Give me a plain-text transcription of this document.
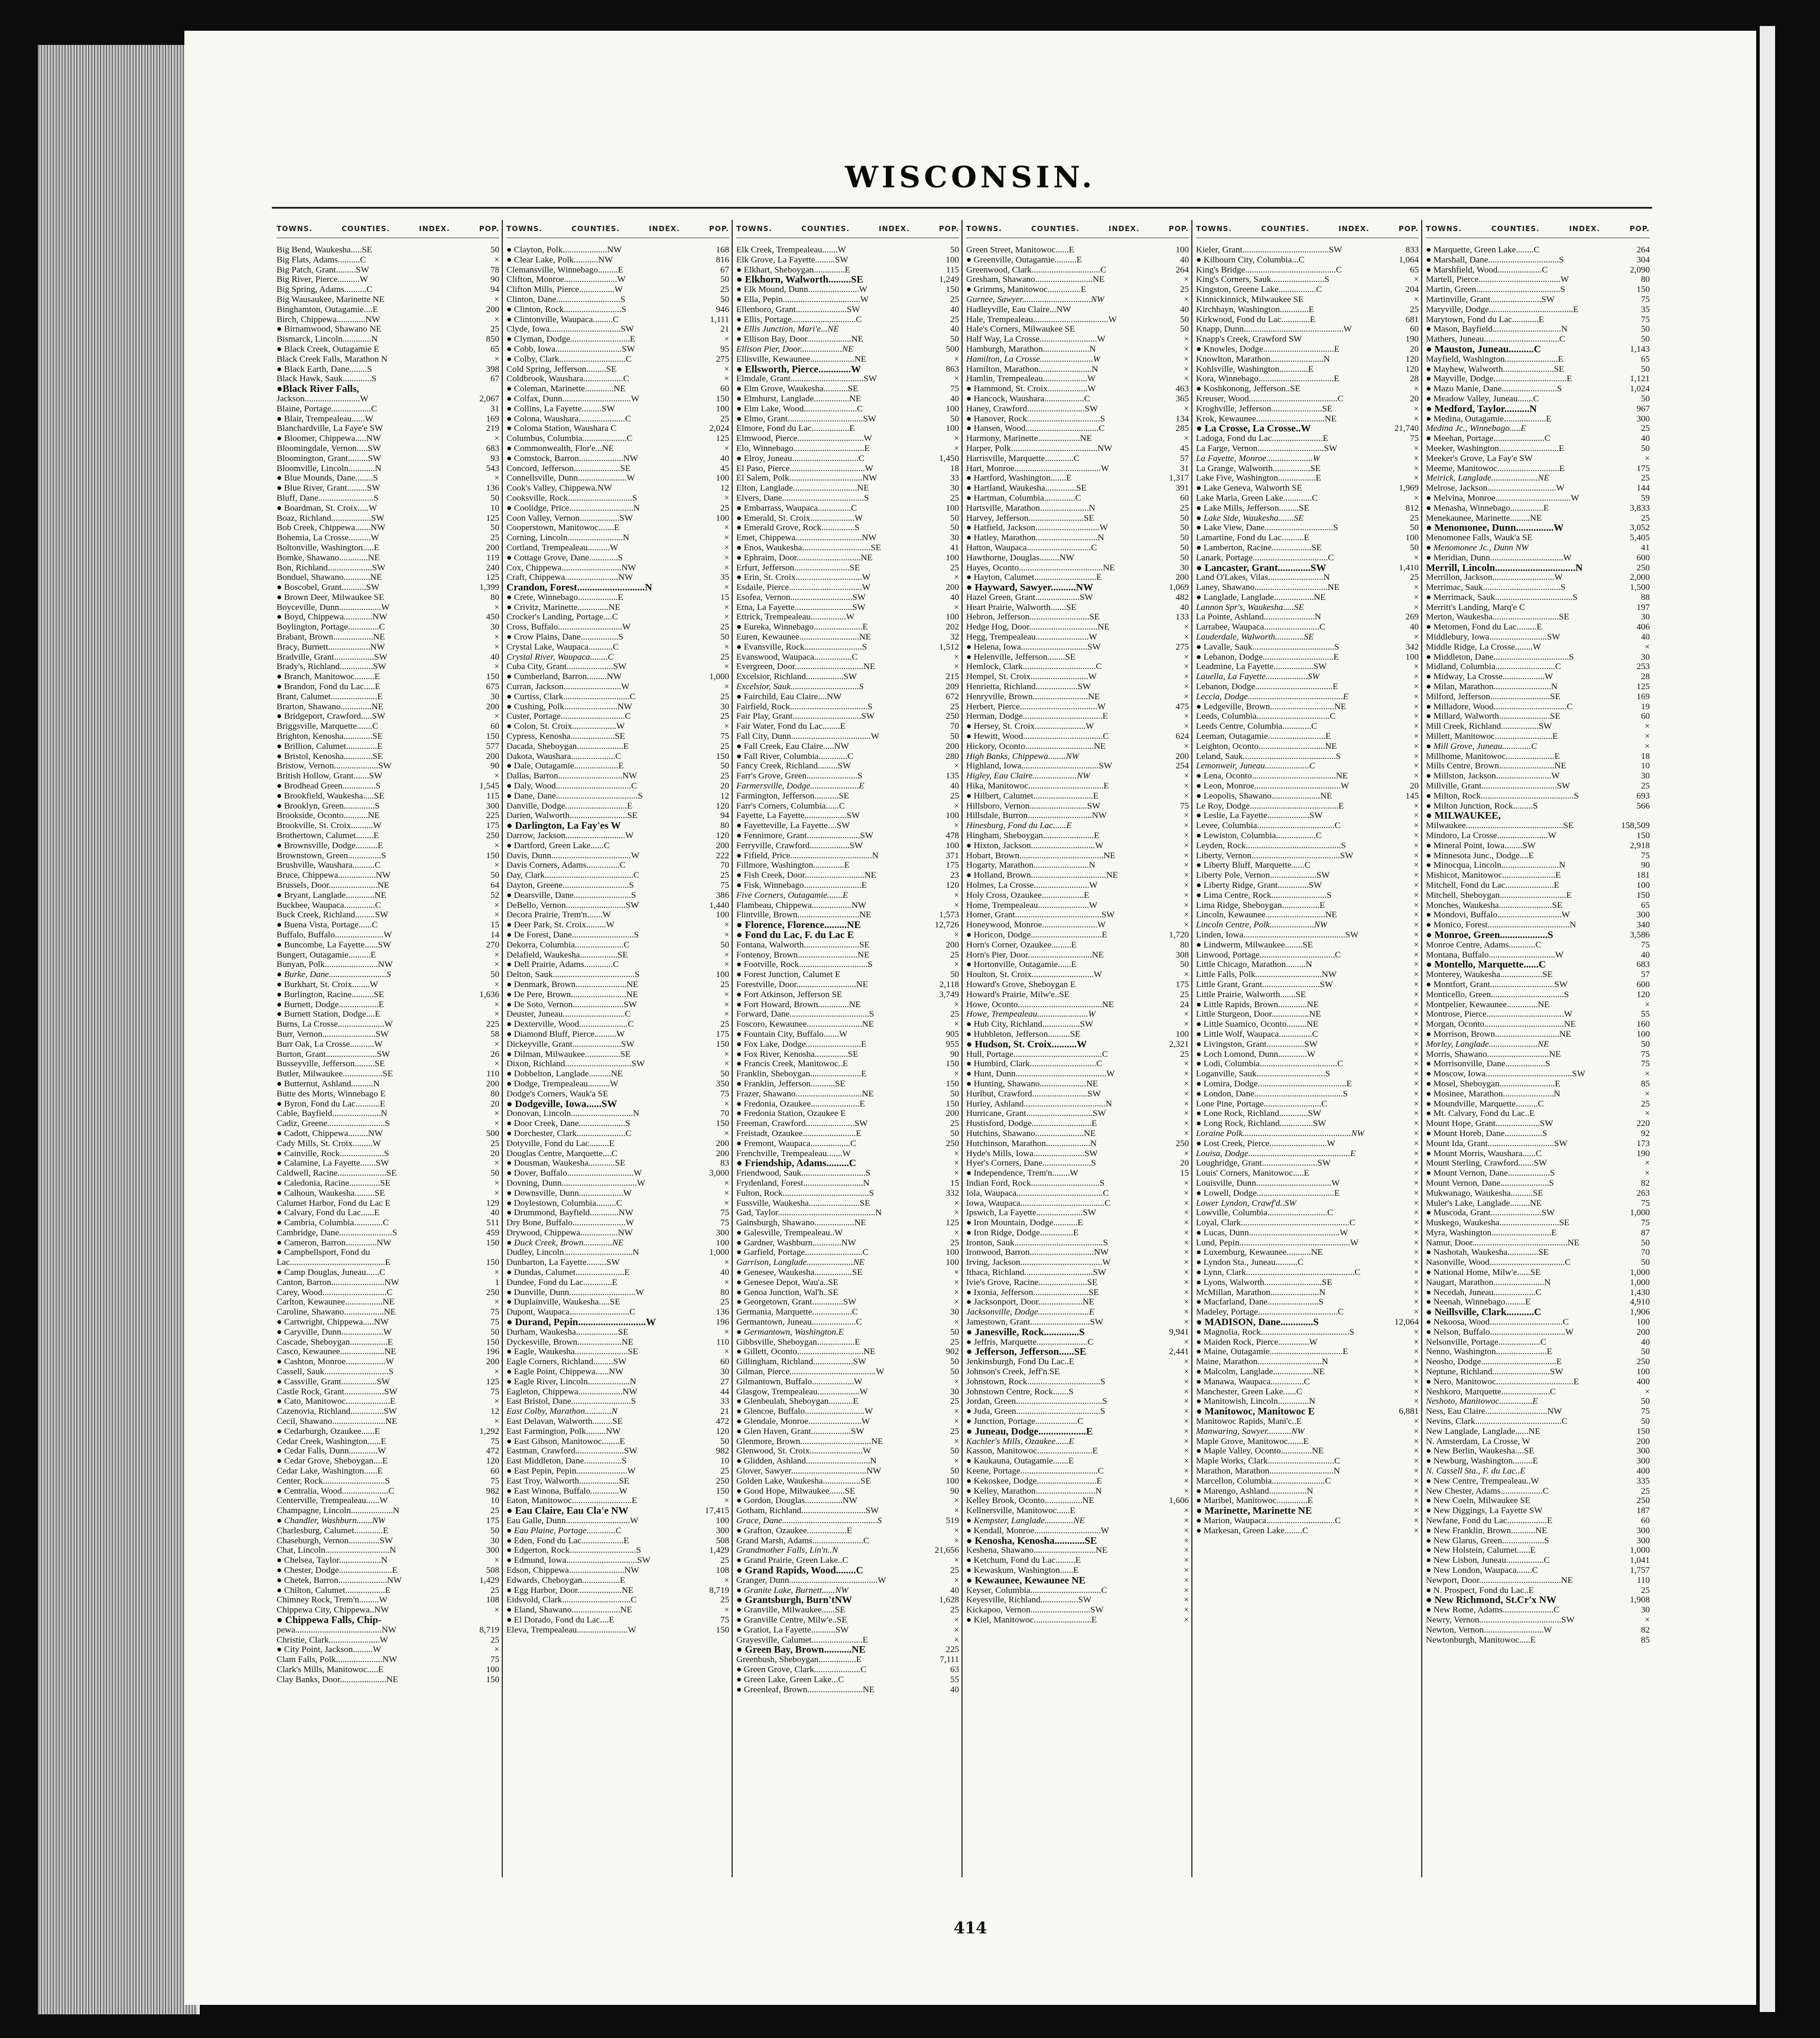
WISCONSIN.
TOWNS.	COUNTIES.	INDEX.	POP.
Big Bend, Waukesha.....SE	50
Big Flats, Adams..........C	×
Big Patch, Grant.........SW	78
Big River, Pierce..........W	90
Big Spring, Adams..........C	94
Big Wausaukee, Marinette NE	×
Binghamton, Outagamie....E	200
Birch, Chippewa.............NW	×
● Birnamwood, Shawano NE	25
Bismarck, Lincoln.............N	850
● Black Creek, Outagamie E	65
Black Creek Falls, Marathon N	×
● Black Earth, Dane........S	398
Black Hawk, Sauk.............S	67
●Black River Falls,
Jackson.........................W	2,067
Blaine, Portage..................C	31
● Blair, Trempealeau......W	169
Blanchardville, La Faye'e SW	219
● Bloomer, Chippewa.....NW	×
Bloomingdale, Vernon.....SW	683
Bloomington, Grant.........SW	93
Bloomville, Lincoln............N	543
● Blue Mounds, Dane........S	×
● Blue River, Grant.........SW	136
Bluff, Dane.........................S	50
● Boardman, St. Croix.....W	10
Boaz, Richland..................SW	125
Bob Creek, Chippewa.......NW	50
Bohemia, La Crosse..........W	25
Boltonville, Washington.....E	200
Bomke, Shawano.............NE	119
Bon, Richland....................SW	240
Bonduel, Shawano............NE	125
● Boscobel, Grant...........SW	1,399
● Brown Deer, Milwaukee SE	80
Boyceville, Dunn...................W	×
● Boyd, Chippewa.............NW	450
Boylington, Portage..............C	30
Brabant, Brown..................NE	×
Bracy, Burnett...................NW	×
Bradville, Grant..................SW	40
Brady's, Richland...............SW	×
● Branch, Manitowoc.........E	150
● Brandon, Fond du Lac.....E	675
Brant, Calumet.....................E	30
Brarton, Shawano..............NE	200
● Bridgeport, Crawford.....SW	×
Briggsville, Marquette.......C	60
Brighton, Kenosha.............SE	150
● Brillion, Calumet..............E	577
● Bristol, Kenosha.............SE	200
Bristow, Vernon....................SW	90
British Hollow, Grant.......SW	×
● Brodhead Green...............S	1,545
● Brookfield, Waukesha.....SE	115
● Brooklyn, Green..............S	300
Brookside, Oconto...........NE	225
Brookville, St. Croix..........W	175
Brothertown, Calumet........E	250
● Brownsville, Dodge..........E	×
Brownstown, Green...............S	150
Brushville, Waushara..........C	×
Bruce, Chippewa.................NW	50
Brussels, Door......................NE	64
● Bryant, Langlade.............NE	52
Buckbee, Waupaca..............C	×
Buck Creek, Richland.........SW	×
● Buena Vista, Portage......C	15
Buffalo, Buffalo......................W	14
● Buncombe, La Fayette......SW	270
Bungert, Outagamie..........E	×
Bunyan, Polk........................NW	×
● Burke, Dane..........................S	50
● Burkhart, St. Croix........W	×
● Burlington, Racine..........SE	1,636
● Burnett, Dodge..................E	×
● Burnett Station, Dodge....E	×
Burns, La Crosse.....................W	225
Burr, Vernon........................SW	58
Burr Oak, La Crosse...........W	×
Burton, Grant.......................SW	26
Busseyville, Jefferson.........SE	×
Butler, Milwaukee..................SE	110
● Butternut, Ashland..........N	200
Butte des Morts, Winnebago E	80
● Byron, Fond du Lac...........E	20
Cable, Bayfield......................N	×
Cadiz, Greene..........................S	×
● Cadott, Chippewa.........NW	500
Cady Mills, St. Croix.........W	25
● Cainville, Rock....................S	20
● Calamine, La Fayette.......SW	×
Caldwell, Racine......................SE	50
● Caledonia, Racine..............SE	×
● Calhoun, Waukesha.........SE	×
Calumet Harbor, Fond du Lac E	129
● Calvary, Fond du Lac......E	40
● Cambria, Columbia.............C	511
Cambridge, Dane........................S	459
● Cameron, Barron..............NW	150
● Campbellsport, Fond du
Lac...........................................E	150
● Camp Douglas, Juneau......C	×
Canton, Barron........................NW	1
Carey, Wood.............................C	250
Carlton, Kewaunee.................NE	×
Caroline, Shawano..................NE	75
● Cartwright, Chippewa.....NW	75
● Caryville, Dunn...................W	50
Cascade, Sheboygan.................E	150
Casco, Kewaunee....................NE	196
● Cashton, Monroe..................W	200
Cassell, Sauk.............................S	×
● Cassville, Grant................SW	125
Castle Rock, Grant..................SW	75
● Cato, Manitowoc....................E	×
Cazenovia, Richland...............SW	12
Cecil, Shawano........................NE	×
● Cedarburgh, Ozaukee......E	1,292
Cedar Creek, Washington......E	75
● Cedar Falls, Dunn.............W	472
● Cedar Grove, Sheboygan....E	120
Cedar Lake, Washington......E	60
Center, Rock............................S	75
● Centralia, Wood.....................C	982
Centerville, Trempealeau......W	10
Champagne, Lincoln...................N	25
● Chandler, Washburn.......NW	175
Charlesburg, Calumet.............E	50
Chaseburgh, Vernon..............SW	30
Chat, Lincoln.............................N	300
● Chelsea, Taylor...................N	×
● Chester, Dodge........................E	508
● Chetek, Barron......................NW	1,429
● Chilton, Calumet..................E	25
Chimney Rock, Trem'n.........W	108
Chippewa City, Chippewa..NW	×
● Chippewa Falls, Chip-
pewa.......................................NW	8,719
Christie, Clark.......................W	25
● City Point, Jackson.........W	×
Clam Falls, Polk.....................NW	75
Clark's Mills, Manitowoc.....E	100
Clay Banks, Door.....................NE	150
TOWNS.	COUNTIES.	INDEX.	POP.
● Clayton, Polk....................NW	168
● Clear Lake, Polk...........NW	816
Clemansville, Winnebago.........E	67
Clifton, Monroe........................W	50
Clifton Mills, Pierce................W	25
Clinton, Dane.............................S	50
● Clinton, Rock..........................S	946
● Clintonville, Waupaca.........C	1,111
Clyde, Iowa................................SW	21
● Clyman, Dodge...........................E	×
● Cobb, Iowa..............................SW	95
● Colby, Clark..............................C	275
Cold Spring, Jefferson.........SE	×
Coldbrook, Waushara..................C	×
● Coleman, Marinette.............NE	60
● Colfax, Dunn...............................W	150
● Collins, La Fayette.........SW	100
● Colona, Waushara.....................C	25
● Coloma Station, Waushara C	2,024
Columbus, Columbia....................C	125
● Commonwealth, Flor'e...NE	×
● Comstock, Barron....................NW	40
Concord, Jefferson.....................SE	45
Connellsville, Dunn......................W	100
Cook's Valley, Chippewa.NW	12
Cooksville, Rock.............................S	×
● Coolidge, Price.............................N	25
Coon Valley, Vernon..................SW	100
Cooperstown, Manitowoc.......E	×
Corning, Lincoln.........................N	×
Cortland, Trempealeau..........W	×
● Cottage Grove, Dane.............S	×
Cox, Chippewa...........................NW	×
Craft, Chippewa........................NW	35
Crandon, Forest...........................N	×
● Crete, Winnebago..................E	15
● Crivitz, Marinette..............NE	×
Crocker's Landing, Portage....C	×
Cross, Buffalo.............................W	25
● Crow Plains, Dane.................S	50
Crystal Lake, Waupaca...........C	×
Crystal River, Waupaca........C	25
Cuba City, Grant.....................SW	×
● Cumberland, Barron.........NW	1,000
Curran, Jackson..........................W	×
● Curtiss, Clark..............................C	25
● Cushing, Polk........................NW	30
Custer, Portage.............................C	25
● Colon, St. Croix....................W	×
Cypress, Kenosha....................SE	75
Dacada, Sheboygan.....................E	25
Dakota, Waushara....................C	150
● Dale, Outagamie....................E	50
Dallas, Barron.............................NW	25
● Daly, Wood..................................C	20
● Dane, Dane.....................................S	12
Danville, Dodge............................E	120
Darien, Walworth..........................SE	94
● Darlington, La Fay'es W	80
Darrow, Jackson...........................W	120
● Dartford, Green Lake......C	200
Davis, Dunn....................................W	222
Davis Corners, Adams...............C	70
Day, Clark........................................C	25
Dayton, Greene..............................S	75
● Dearsville, Dane..........................S	386
DeBello, Vernon...........................SW	1,440
Decora Prairie, Trem'n.......W	100
● Deer Park, St. Croix.........W	×
● De Forest, Dane............................S	×
Dekorra, Columbia......................C	50
Delafield, Waukesha.................SE	×
● Dell Prairie, Adams.............C	×
Delton, Sauk.....................................S	100
● Denmark, Brown.......................NE	25
● De Pere, Brown.........................NE	×
● De Soto, Vernon.......................SW	×
Deuster, Juneau............................C	×
● Dexterville, Wood......................C	25
● Diamond Bluff, Pierce..........W	175
Dickeyville, Grant......................SW	150
● Dilman, Milwaukee................SE	×
Dixon, Richland..............................SW	×
● Dobbelton, Langlade..........NE	50
● Dodge, Trempealeau..........W	350
Dodge's Corners, Wauk'a SE	75
● Dodgeville, Iowa......SW	×
Donovan, Lincoln............................N	70
● Door Creek, Dane.....................S	150
● Dorchester, Clark......................C	×
Dotyville, Fond du Lac.........E	200
Douglas Centre, Marquette....C	200
● Dousman, Waukesha............SE	83
● Dover, Buffalo..............................W	3,000
Dovning, Dunn..................................W	×
● Downsville, Dunn....................W	×
● Doylestown, Columbia.........C	×
● Drummond, Bayfield.............NW	75
Dry Bone, Buffalo........................W	75
Drywood, Chippewa.................NW	300
● Duck Creek, Brown.............NE	100
Dudley, Lincoln...............................N	1,000
Dunbarton, La Fayette.........SW	×
● Dundas, Calumet......................E	40
Dundee, Fond du Lac.............E	×
● Dunville, Dunn..............................W	80
● Duplainville, Waukesha.....SE	25
Dupont, Waupaca...........................C	136
● Durand, Pepin...........................W	196
Durham, Waukesha...................SE	×
Dyckesville, Brown....................NE	110
● Eagle, Waukesha........................SE	×
Eagle Corners, Richland.........SW	60
● Eagle Point, Chippewa......NW	30
● Eagle River, Lincoln...................N	27
Eagleton, Chippewa....................NW	44
East Bristol, Dane...........................S	33
East Colby, Marathon............N	21
East Delavan, Walworth.........SE	472
East Farmington, Polk.........NW	120
● East Gibson, Manitowoc........E	50
Eastman, Crawford......................SW	982
East Middleton, Dane.................S	10
● East Pepin, Pepin.......................W	25
East Troy, Walworth..................SE	250
● East Winona, Buffalo.............W	150
Eaton, Manitowoc...........................E	×
● Eau Claire, Eau Cla'e NW	17,415
Eau Galle, Dunn.............................W	100
● Eau Plaine, Portage.............C	300
● Eden, Fond du Lac...................E	508
● Edgerton, Rock..............................S	1,429
● Edmund, Iowa................................SW	25
Edson, Chippewa.........................NW	108
Edwards, Cheboygan.................E	×
● Egg Harbor, Door....................NE	8,719
Eidsvold, Clark...............................C	25
● Eland, Shawano......................NE	×
● El Dorado, Fond du Lac....E	75
Eleva, Trempealeau.......................W	150
TOWNS.	COUNTIES.	INDEX.	POP.
Elk Creek, Trempealeau.......W	50
Elk Grove, La Fayette.........SW	100
● Elkhart, Sheboygan..............E	115
● Elkhorn, Walworth.........SE	1,249
● Elk Mound, Dunn.......................W	150
● Ella, Pepin...................................W	25
Ellenboro, Grant.......................SW	40
● Ellis, Portage.............................C	25
● Ellis Junction, Mari'e...NE	40
● Ellison Bay, Door....................NE	50
Ellison Pier, Door...................NE	500
Ellisville, Kewaunee....................NE	×
● Ellsworth, Pierce.............W	863
Elmdale, Grant.................................SW	×
● Elm Grove, Waukesha...........SE	75
● Elmhurst, Langlade................NE	40
● Elm Lake, Wood........................C	100
● Elmo, Grant..................................SW	50
Elmore, Fond du Lac.................E	100
Elmwood, Pierce..............................W	×
Elo, Winnebago................................E	×
● Elroy, Juneau..............................C	1,450
El Paso, Pierce..................................W	18
El Salem, Polk.................................NW	33
Elton, Langlade.............................NE	30
Elvers, Dane.....................................S	25
● Embarrass, Waupaca...............C	100
● Emerald, St. Croix....................W	50
● Emerald Grove, Rock...............S	50
Emet, Chippewa..............................NW	30
● Enos, Waukesha...............................SE	41
● Ephraim, Door.............................NE	100
Erfurt, Jefferson.........................SE	25
● Erin, St. Croix..............................W	×
Esdaile, Pierce.................................W	200
Esofea, Vernon............................SW	40
Etna, La Fayette..........................SW	×
Ettrick, Trempealeau................W	100
● Eureka, Winnebago......................E	202
Euren, Kewaunee...........................NE	32
● Evansville, Rock..........................S	1,512
Evanswood, Waupaca.................C	×
Evergreen, Door...............................NE	×
Excelsior, Richland.................SW	215
Excelsior, Sauk...............................S	209
● Fairchild, Eau Claire....NW	672
Fairfield, Rock...................................S	25
Fair Play, Grant...............................SW	250
Fair Water, Fond du Lac........E	70
Fall City, Dunn....................................W	50
● Fall Creek, Eau Claire.....NW	200
● Fall River, Columbia.............C	280
Fancy Creek, Richland.........SW	×
Farr's Grove, Green.......................S	135
Farmersville, Dodge......................E	40
Farmington, Jefferson...........SE	25
Farr's Corners, Columbia......C	×
Fayette, La Fayette...................SW	100
● Fayetteville, La Fayette....SW	×
● Fennimore, Grant........................SW	478
Ferryville, Crawford..................SW	100
● Fifield, Price.....................................N	371
Fillmore, Washington..............E	175
● Fish Creek, Door...........................NE	23
● Fisk, Winnebago..........................E	120
Five Corners, Outagamie.......E	×
Flambeau, Chippewa..................NW	×
Flintville, Brown............................NE	1,573
● Florence, Florence.........NE	12,726
● Fond du Lac, F. du Lac E	×
Fontana, Walworth.........................SE	200
Fontenoy, Brown...........................NE	25
● Footville, Rock...............................S	×
● Forest Junction, Calumet E	50
Forestville, Door...........................NE	2,118
● Fort Atkinson, Jefferson SE	3,749
● Fort Howard, Brown..............NE	×
Forward, Dane....................................S	25
Foscoro, Kewaunee.........................NE	×
● Fountain City, Buffalo.......W	905
● Fox Lake, Dodge.........................E	955
● Fox River, Kenosha...............SE	90
● Francis Creek, Manitowoc..E	150
Franklin, Sheboygan.......................E	×
● Franklin, Jefferson...........SE	150
Frazer, Shawano..............................NE	50
● Fredonia, Ozaukee......................E	150
● Fredonia Station, Ozaukee E	200
Freeman, Crawford......................SW	25
Freistadt, Ozaukee........................E	50
● Fremont, Waupaca..................C	250
Frenchville, Trempealeau.......W	×
● Friendship, Adams.........C	×
Friendwood, Sauk.............................S	×
Frydenland, Forest...........................N	15
Fulton, Rock.......................................S	332
Fussville, Waukesha.......................SE	×
Gad, Taylor............................................N	×
Gainsburgh, Shawano..................NE	125
● Galesville, Trempealeau..W	×
● Gardner, Washburn.............NW	25
● Garfield, Portage..........................C	100
Garrison, Langlade.....................NE	100
● Genesee, Waukesha.................SE	×
● Genesee Depot, Wau'a..SE	×
● Genoa Junction, Wal'h..SE	×
● Georgetown, Grant..............SW	×
Germania, Marquette..................C	30
Germantown, Juneau....................C	×
● Germantown, Washington.E	50
Gibbsville, Sheboygan.................E	25
● Gillett, Oconto..............................NE	902
Gillingham, Richland..................SW	50
Gilman, Pierce.......................................W	50
Gilmantown, Buffalo...................W	×
Glasgow, Trempealeau...................W	30
● Glenbeulah, Sheboygan...........E	25
● Glencoe, Buffalo...........................W	×
● Glendale, Monroe........................W	×
● Glen Haven, Grant..................SW	25
Glenmore, Brown................................NE	×
Glenwood, St. Croix........................W	50
● Glidden, Ashland.............................N	×
Glover, Sawyer..................................NW	50
Golden Lake, Waukesha.................SE	100
● Good Hope, Milwaukee.......SE	90
● Gordon, Douglas.................NW	×
Gotham, Richland.............................SW	×
Grace, Dane...........................................S	519
● Grafton, Ozaukee..................E	×
Grand Marsh, Adams.......................C	×
Grandmother Falls, Lin'n..N	21,656
● Grand Prairie, Green Lake..C	×
● Grand Rapids, Wood........C	25
Granger, Dunn........................................W	×
● Granite Lake, Burnett......NW	40
● Grantsburgh, Burn'tNW	1,628
● Granville, Milwaukee......SE	25
● Granville Centre, Milw'e..SE	×
● Gratiot, La Fayette...........SW	×
Grayesville, Calumet.......................E	×
● Green Bay, Brown...........NE	225
Greenbush, Sheboygan.................E	7,111
● Green Grove, Clark.....................C	63
● Green Lake, Green Lake...C	55
● Greenleaf, Brown.........................NE	40
TOWNS.	COUNTIES.	INDEX.	POP.
Green Street, Manitowoc......E	100
● Greenville, Outagamie..........E	40
Greenwood, Clark...............................C	264
Gresham, Shawano..........................NE	×
● Grimms, Manitowoc...............E	25
Gurnee, Sawyer...............................NW	×
Hadleyville, Eau Claire...NW	40
Hale, Trempealeau..................................W	50
Hale's Corners, Milwaukee SE	50
Half Way, La Crosse..........................W	×
Hamburgh, Marathon.....................N	×
Hamilton, La Crosse........................W	×
Hamilton, Marathon........................N	×
Hamlin, Trempealeau....................W	×
● Hammond, St. Croix..................W	463
● Hancock, Waushara..................C	365
Haney, Crawford..........................SW	×
● Hanover, Rock.................................S	134
● Hansen, Wood.................................C	285
Harmony, Marinette...................NE	×
Harper, Polk.......................................NW	45
Harrisville, Marquette.............C	57
Hart, Monroe.......................................W	31
● Hartford, Washington.......E	1,317
● Hartland, Waukesha..............SE	391
● Hartman, Columbia..............C	60
Hartsville, Marathon......................N	25
Harvey, Jefferson.........................SE	50
● Hatfield, Jackson.............................W	50
● Hatley, Marathon............................N	50
Hatton, Waupaca.............................C	50
Hawthorne, Douglas.........NW	50
Hayes, Oconto......................................NE	30
● Hayton, Calumet............................E	200
● Hayward, Sawyer..........NW	1,069
Hazel Green, Grant....................SW	482
Heart Prairie, Walworth.......SE	40
Hebron, Jefferson...........................SE	133
Hedge Hog, Door...............................NE	×
Hegg, Trempealeau........................W	×
● Helena, Iowa..............................SW	275
● Helenville, Jefferson........SE	×
Hemlock, Clark.................................C	×
Hempel, St. Croix..........................W	×
Henrietta, Richland...................SW	×
Henryville, Brown.........................NE	×
Herbert, Pierce...................................W	475
Herman, Dodge....................................E	×
● Hersey, St. Croix.......................W	×
● Hewitt, Wood....................................C	624
Hickory, Oconto...............................NE	×
High Banks, Chippewa........NW	200
Highland, Iowa...................................SW	254
Higley, Eau Claire....................NW	×
Hika, Manitowoc..................................E	×
● Hilbert, Calumet...........................E	×
Hillsboro, Vernon..........................SW	75
Hillsdale, Burron.............................NW	×
Hinesburg, Fond du Lac......E	×
Hingham, Sheboygan.......................E	×
● Hixton, Jackson.............................W	×
Hobart, Brown......................................NE	×
Hogarty, Marathon.........................N	×
● Holland, Brown..................................NE	×
Holmes, La Crosse.........................W	×
Holy Cross, Ozaukee...................E	×
Home, Trempealeau.......................W	×
Homer, Grant.......................................SW	×
Honeywood, Monroe.........................W	×
● Horicon, Dodge................................E	1,720
Horn's Corner, Ozaukee.........E	80
Horn's Pier, Door.............................NE	308
● Hortonville, Outagamie......E	50
Houlton, St. Croix............................W	×
Howard's Grove, Sheboygan E	175
Howard's Prairie, Milw'e..SE	25
Howe, Oconto......................................NE	24
Howe, Trempealeau.......................W	×
● Hub City, Richland.................SW	×
● Hubbleton, Jefferson..........SE	100
● Hudson, St. Croix..........W	2,321
Hull, Portage........................................C	25
● Humbird, Clark..............................C	×
● Hunt, Dunn.........................................W	×
● Hunting, Shawano.....................NE	×
Hurlbut, Crawford.........................SW	×
Hurley, Ashland.....................................N	×
Hurricane, Grant..............................SW	×
Hustisford, Dodge...........................E	×
Hutchins, Shawano......................NE	×
Hutchinson, Marathon....................N	250
Hyde's Mills, Iowa.......................SW	×
Hyer's Corners, Dane......................S	20
● Independence, Trem'n........W	15
Indian Ford, Rock...............................S	×
Iola, Waupaca.......................................C	×
Iowa, Waupaca......................................C	×
Ipswich, La Fayette.....................SW	×
● Iron Mountain, Dodge...........E	×
● Iron Ridge, Dodge...............E	×
Ironton, Sauk........................................S	×
Ironwood, Barron.............................NW	×
Irving, Jackson.....................................W	×
Ithaca, Richland...............................SW	×
Ivie's Grove, Racine......................SE	×
● Ixonia, Jefferson.........................SE	×
● Jacksonport, Door....................NE	×
Jacksonville, Dodge.......................E	×
Jamestown, Grant...........................SW	×
● Janesville, Rock..............S	9,941
● Jeffris, Marquette.......................C	×
● Jefferson, Jefferson......SE	2,441
Jenkinsburgh, Fond Du Lac..E	×
Johnson's Creek, Jeff'n.SE	×
Johnstown, Rock.................................S	×
Johnstown Centre, Rock.......S	×
Jordan, Green.......................................S	×
● Juda, Green......................................S	×
● Junction, Portage...................C	×
● Juneau, Dodge...................E	×
Kachler's Mills, Ozaukee......E	×
Kasson, Manitowoc.........................E	×
● Kaukauna, Outagamie.......E	×
Keene, Portage...................................C	×
● Kekoskee, Dodge...........................E	×
● Kelley, Marathon...........................N	×
Kelley Brook, Oconto.................NE	1,606
Kellnersville, Manitowoc......E	×
● Kempster, Langlade.............NE	×
● Kendall, Monroe..............................W	×
● Kenosha, Kenosha............SE	×
Keshena, Shawano............................NE	×
● Ketchum, Fond du Lac.........E	×
● Kewaskum, Washington......E	×
● Kewaunee, Kewaunee NE	×
Keyser, Columbia................................C	×
Keyesville, Richland.................SW	×
Kickapoo, Vernon...........................SW	×
● Kiel, Manitowoc..........................E	×
TOWNS.	COUNTIES.	INDEX.	POP.
Kieler, Grant.......................................SW	833
● Kilbourn City, Columbia...C	1,064
King's Bridge.........................................C	65
King's Corners, Sauk........................S	×
Kingston, Greene Lake.................C	204
Kinnickinnick, Milwaukee SE	×
Kirchhayn, Washington.............E	25
Kirkwood, Fond du Lac.............E	681
Knapp, Dunn.............................................W	60
Knapp's Creek, Crawford SW	190
● Knowles, Dodge................................E	20
Knowlton, Marathon........................N	120
Kohlsville, Washington.............E	120
Kora, Winnebago..................................E	28
● Koshkonong, Jefferson..SE	×
Kreuser, Wood........................................C	20
Kroghville, Jefferson.......................SE	×
Krok, Kewaunee...............................NE	×
● La Crosse, La Crosse..W	21,740
Ladoga, Fond du Lac.......................E	75
La Farge, Vernon..............................SW	×
La Fayette, Monroe.....................W	×
La Grange, Walworth.................SE	×
Lake Five, Washington.................E	×
● Lake Geneva, Walworth SE	1,969
Lake Maria, Green Lake.............C	×
● Lake Mills, Jefferson.........SE	812
● Lake Side, Waukesha.......SE	25
● Lake View, Dane...............................S	50
Lamartine, Fond du Lac..........E	100
● Lamberton, Racine..................SE	50
Lanark, Portage..................................C	×
● Lancaster, Grant.............SW	1,410
Land O'Lakes, Vilas.........................N	25
Laney, Shawano.................................NE	×
● Langlade, Langlade..................NE	×
Lannon Spr's, Waukesha.....SE	×
La Pointe, Ashland.......................N	269
Larrabee, Waupaca.........................C	40
Lauderdale, Walworth.............SE	×
● Lavalle, Sauk.....................................S	342
● Lebanon, Dodge................................E	100
Leadmine, La Fayette..................SW	×
Lauella, La Fayette...................SW	×
Lebanon, Dodge...................................E	×
Leccia, Dodge...........................................E	×
● Ledgeville, Brown.............................NE	×
Leeds, Columbia.................................C	×
Leeds Centre, Columbia.............C	×
Leeman, Outagamie..........................E	×
Leighton, Oconto..............................NE	×
Leland, Sauk..........................................S	×
Lemonweir, Juneau....................C	×
● Lena, Oconto......................................NE	×
● Leon, Monroe.......................................W	20
● Leopolis, Shawano......................NE	145
Le Roy, Dodge........................................E	×
● Leslie, La Fayette...................SW	×
Levee, Columbia...................................C	×
● Lewiston, Columbia..................C	×
Leyden, Rock...........................................S	×
Liberty, Vernon........................................SW	×
● Liberty Bluff, Marquette......C	×
Liberty Pole, Vernon.....................SW	×
● Liberty Ridge, Grant..............SW	×
● Lima Centre, Rock.........................S	×
Lima Ridge, Sheboygan.................E	×
Lincoln, Kewaunee...........................NE	×
Lincoln Centre, Polk....................NW	×
Linden, Iowa..............................................SW	×
● Lindwerm, Milwaukee........SE	×
Linwood, Portage..................................C	×
Little Chicago, Marathon.........N	×
Little Falls, Polk..............................NW	×
Little Grant, Grant..........................SW	×
Little Prairie, Walworth.......SE	×
● Little Rapids, Brown.............NE	×
Little Sturgeon, Door.................NE	×
● Little Suamico, Oconto.........NE	×
● Little Wolf, Waupaca...............C	×
● Livingston, Grant.................SW	×
● Loch Lomond, Dunn.............W	×
● Lodi, Columbia...................................C	×
Loganville, Sauk...............................S	×
● Lomira, Dodge........................................E	×
● London, Dane........................................S	×
Lone Pine, Portage..........................C	×
● Lone Rock, Richland.............SW	×
● Long Rock, Richland...............SW	×
Loraine Polk.................................................NW	×
● Lost Creek, Pierce..........................W	×
Louisa, Dodge..............................................E	×
Loughridge, Grant.........................SW	×
Louis' Corners, Manitowoc.....E	×
Louisville, Dunn..................................W	×
● Lowell, Dodge...................................E	×
Lower Lyndon, Crawf'd..SW	×
Lowville, Columbia...........................C	×
Loyal, Clark.................................................C	×
● Lucas, Dunn.........................................W	×
Lund, Pepin..................................................W	×
● Luxemburg, Kewaunee...........NE	×
● Lyndon Sta., Juneau..........C	×
● Lynn, Clark.................................................C	×
● Lyons, Walworth..........................SE	×
McMillan, Marathon......................N	×
● Macfarland, Dane.......................S	×
Madeley, Portage....................................C	×
● MADISON, Dane.............S	12,064
● Magnolia, Rock........................................S	×
● Maiden Rock, Pierce..............W	×
● Maine, Outagamie.................................E	×
Maine, Marathon.............................N	×
● Malcolm, Langlade..................NE	×
● Manawa, Waupaca...............C	×
Manchester, Green Lake......C	×
● Manitowish, Lincoln..............N	×
● Manitowoc, Manitowoc E	6,881
Manitowoc Rapids, Mani'c..E	×
Manwaring, Sawyer...........NW	×
Maple Grove, Manitowoc.......E	×
● Maple Valley, Oconto..............NE	×
Maple Works, Clark..............................C	×
Marathon, Marathon.............................N	×
Marcellon, Columbia........................C	×
● Marengo, Ashland.................N	×
● Maribel, Manitowoc..............E	×
● Marinette, Marinette NE	×
● Marion, Waupaca...............................C	×
● Markesan, Green Lake........C	×
TOWNS.	COUNTIES.	INDEX.	POP.
● Marquette, Green Lake........C	264
● Marshall, Dane................................S	304
● Marshfield, Wood....................C	2,090
Martell, Pierce.....................................W	80
Martin, Green......................................S	150
Martinville, Grant.......................SW	75
Maryville, Dodge......................................E	35
Marytown, Fond du Lac............E	75
● Mason, Bayfield...............................N	50
Mathers, Juneau..................................C	50
● Mauston, Juneau..........C	1,143
Mayfield, Washington........................E	65
● Mayhew, Walworth.......................SE	50
● Mayville, Dodge.................................E	1,121
● Mazo Manie, Dane.........................S	1,024
● Meadow Valley, Juneau.......C	50
● Medford, Taylor..........N	967
● Medina, Outagamie...................E	300
Medina Jc., Winnebago.....E	25
● Meehan, Portage.......................C	40
Meeker, Washington...........................E	50
Meeker's Grove, La Fay'e SW	×
Meeme, Manitowoc............................E	175
Meirick, Langlade.....................NE	25
Melrose, Jackson...............................W	144
● Melvina, Monroe..................................W	59
● Menasha, Winnebago...............E	3,833
Menekaunee, Marinette.........NE	25
● Menomonee, Dunn...............W	3,052
Menomonee Falls, Wauk'a SE	5,405
● Menomonee Jc., Dunn NW	41
● Meridian, Dunn.................................W	600
Merrill, Lincoln................................N	250
Merrillon, Jackson............................W	2,000
Merrimac, Sauk...................................S	1,500
● Merrimack, Sauk...................................S	88
Merritt's Landing, Marq'e C	197
Merton, Waukesha..............................SE	30
● Metomen, Fond du Lac.........E	406
Middlebury, Iowa..........................SW	40
Middle Ridge, La Crosse........W	×
● Middleton, Dane..................................S	30
Midland, Columbia...........................C	253
● Midway, La Crosse...................W	28
● Milan, Marathon..........................N	125
Milford, Jefferson...........................SE	169
● Milladore, Wood.................................C	19
● Millard, Walworth.......................SE	60
Mill Creek, Richland.................SW	×
Millett, Manitowoc..........................E	×
● Mill Grove, Juneau.............C	×
Millhome, Manitowoc......................E	18
Mills Centre, Brown.........................NE	10
● Millston, Jackson.........................W	30
Millville, Grant..................................SW	25
● Milton, Rock..........................................S	693
● Milton Junction, Rock.........S	566
● MILWAUKEE,
Milwaukee............................................SE	158,509
Mindoro, La Crosse.......................W	150
● Mineral Point, Iowa........SW	2,918
● Minnesota Junc., Dodge....E	75
● Minocqua, Lincoln..........................N	90
Mishicot, Manitowoc........................E	181
Mitchell, Fond du Lac......................E	100
Mitchell, Sheboygan..............................E	150
Monches, Waukesha........................SE	65
● Mondovi, Buffalo.............................W	300
● Monico, Forest.....................................N	340
● Monroe, Green...................S	3,586
Monroe Centre, Adams............C	75
Montana, Buffalo..............................W	40
● Montello, Marquette......C	683
Monterey, Waukesha...................SE	57
● Montfort, Grant.............................SW	600
Monticello, Green.................................S	120
Montpelier, Kewaunee..............NE	×
Montrose, Pierce...................................W	55
Morgan, Oconto....................................NE	160
● Morrison, Brown.............................NE	100
Morley, Langlade......................NE	50
Morris, Shawano............................NE	75
● Morrisonville, Dane..................S	75
● Moscow, Iowa.......................................SW	×
● Mosel, Sheboygan.........................E	85
● Mosinee, Marathon.......................N	×
● Moundville, Marquette..........C	25
● Mt. Calvary, Fond du Lac..E	×
Mount Hope, Grant....................SW	220
● Mount Horeb, Dane.................S	92
Mount Ida, Grant..............................SW	173
● Mount Morris, Waushara......C	190
Mount Sterling, Crawford.......SW	×
● Mount Vernon, Dane...................S	×
Mount Vernon, Dane......................S	82
Mukwanago, Waukesha..........SE	263
Muler's Lake, Langlade.........NE	75
● Muscoda, Grant.......................SW	1,000
Muskego, Waukesha...........................SE	75
Myra, Washington...........................E	87
Namur, Door...........................................NE	50
● Nashotah, Waukesha..............SE	70
Nasonville, Wood..................................C	50
● National Home, Milw'e......SE	1,000
Naugart, Marathon.......................N	1,000
● Necedah, Juneau...................C	1,430
● Neenah, Winnebago.........E	4,910
● Neillsville, Clark...........C	1,906
● Nekoosa, Wood.................................C	100
● Nelson, Buffalo..................................W	200
Nelsonville, Portage...................C	40
Nenno, Washington.......................E	50
Neosho, Dodge..................................E	250
Neptune, Richland..........................SW	100
● Nero, Manitowoc...................................E	400
Neshkoro, Marquette......................C	×
Neshoto, Manitowoc...............E	50
Ness, Eau Claire............................NW	75
Nevins, Clark.......................................C	50
New Langlade, Langlade......NE	150
N. Amsterdam, La Crosse, W	200
● New Berlin, Waukesha....SE	300
● Newburg, Washington.........E	300
N. Cassell Sta., F. du Lac..E	400
● New Centre, Trempealeau..W	335
New Chester, Adams...................C	25
● New Coeln, Milwaukee SE	250
● New Diggings, La Fayette SW	187
Newfane, Fond du Lac..................E	60
● New Franklin, Brown...........NE	300
● New Glarus, Green...................S	300
● New Holstein, Calumet......E	1,000
● New Lisbon, Juneau.................C	1,041
● New London, Waupaca.......C	1,757
Newport, Door.....................................NE	110
● N. Prospect, Fond du Lac..E	25
● New Richmond, St.Cr'x NW	1,908
● New Rome, Adams.......................C	30
Newry, Vernon.....................................SW	×
Newton, Vernon...........................W	82
Newtonburgh, Manitowoc.....E	85
414
